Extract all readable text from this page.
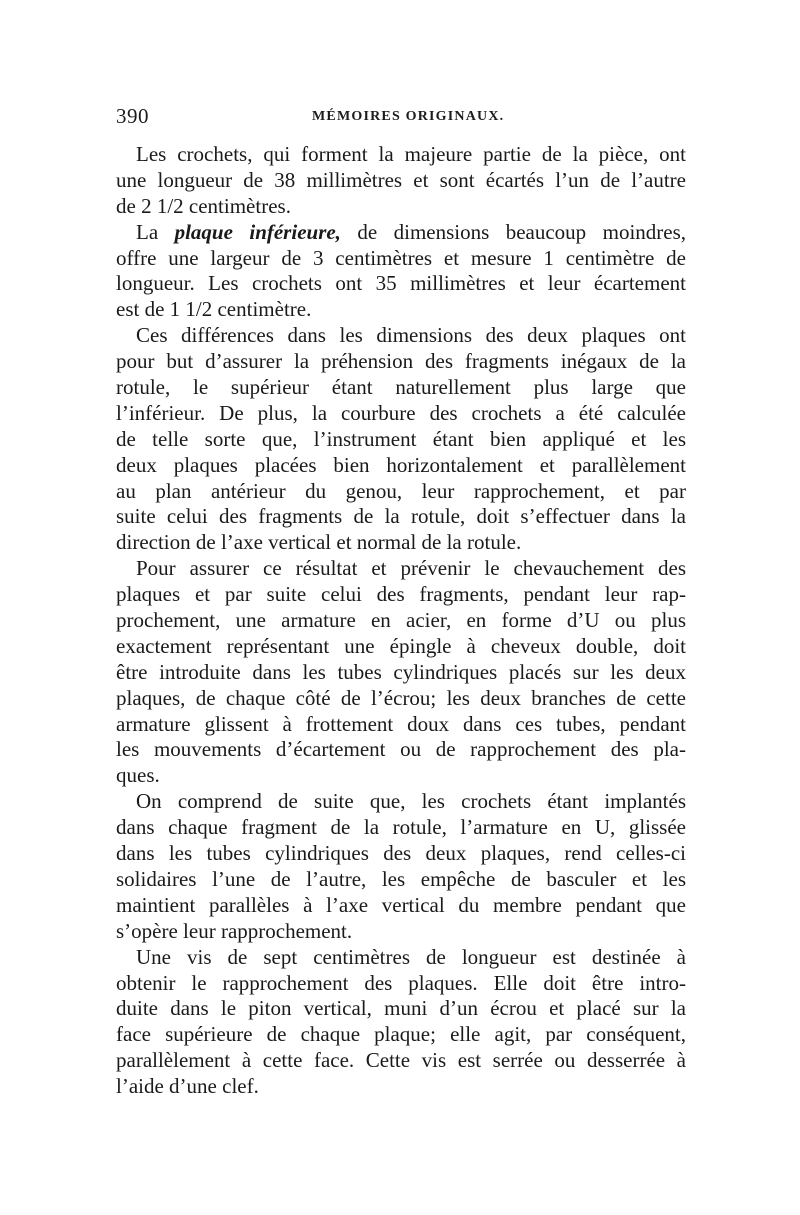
390	MÉMOIRES ORIGINAUX.

Les crochets, qui forment la majeure partie de la pièce, ont
une longueur de 38 millimètres et sont écartés l’un de l’autre
de 2 1/2 centimètres.

La plaque inférieure, de dimensions beaucoup moindres,
offre une largeur de 3 centimètres et mesure 1 centimètre de
longueur. Les crochets ont 35 millimètres et leur écartement
est de 1 1/2 centimètre.

Ces différences dans les dimensions des deux plaques ont
pour but d’assurer la préhension des fragments inégaux de la
rotule, le supérieur étant naturellement plus large que
l’inférieur. De plus, la courbure des crochets a été calculée
de telle sorte que, l’instrument étant bien appliqué et les
deux plaques placées bien horizontalement et parallèlement
au plan antérieur du genou, leur rapprochement, et par
suite celui des fragments de la rotule, doit s’effectuer dans la
direction de l’axe vertical et normal de la rotule.

Pour assurer ce résultat et prévenir le chevauchement des
plaques et par suite celui des fragments, pendant leur rap-
prochement, une armature en acier, en forme d’U ou plus
exactement représentant une épingle à cheveux double, doit
être introduite dans les tubes cylindriques placés sur les deux
plaques, de chaque côté de l’écrou; les deux branches de cette
armature glissent à frottement doux dans ces tubes, pendant
les mouvements d’écartement ou de rapprochement des pla-
ques.

On comprend de suite que, les crochets étant implantés
dans chaque fragment de la rotule, l’armature en U, glissée
dans les tubes cylindriques des deux plaques, rend celles-ci
solidaires l’une de l’autre, les empêche de basculer et les
maintient parallèles à l’axe vertical du membre pendant que
s’opère leur rapprochement.

Une vis de sept centimètres de longueur est destinée à
obtenir le rapprochement des plaques. Elle doit être intro-
duite dans le piton vertical, muni d’un écrou et placé sur la
face supérieure de chaque plaque; elle agit, par conséquent,
parallèlement à cette face. Cette vis est serrée ou desserrée à
l’aide d’une clef.
